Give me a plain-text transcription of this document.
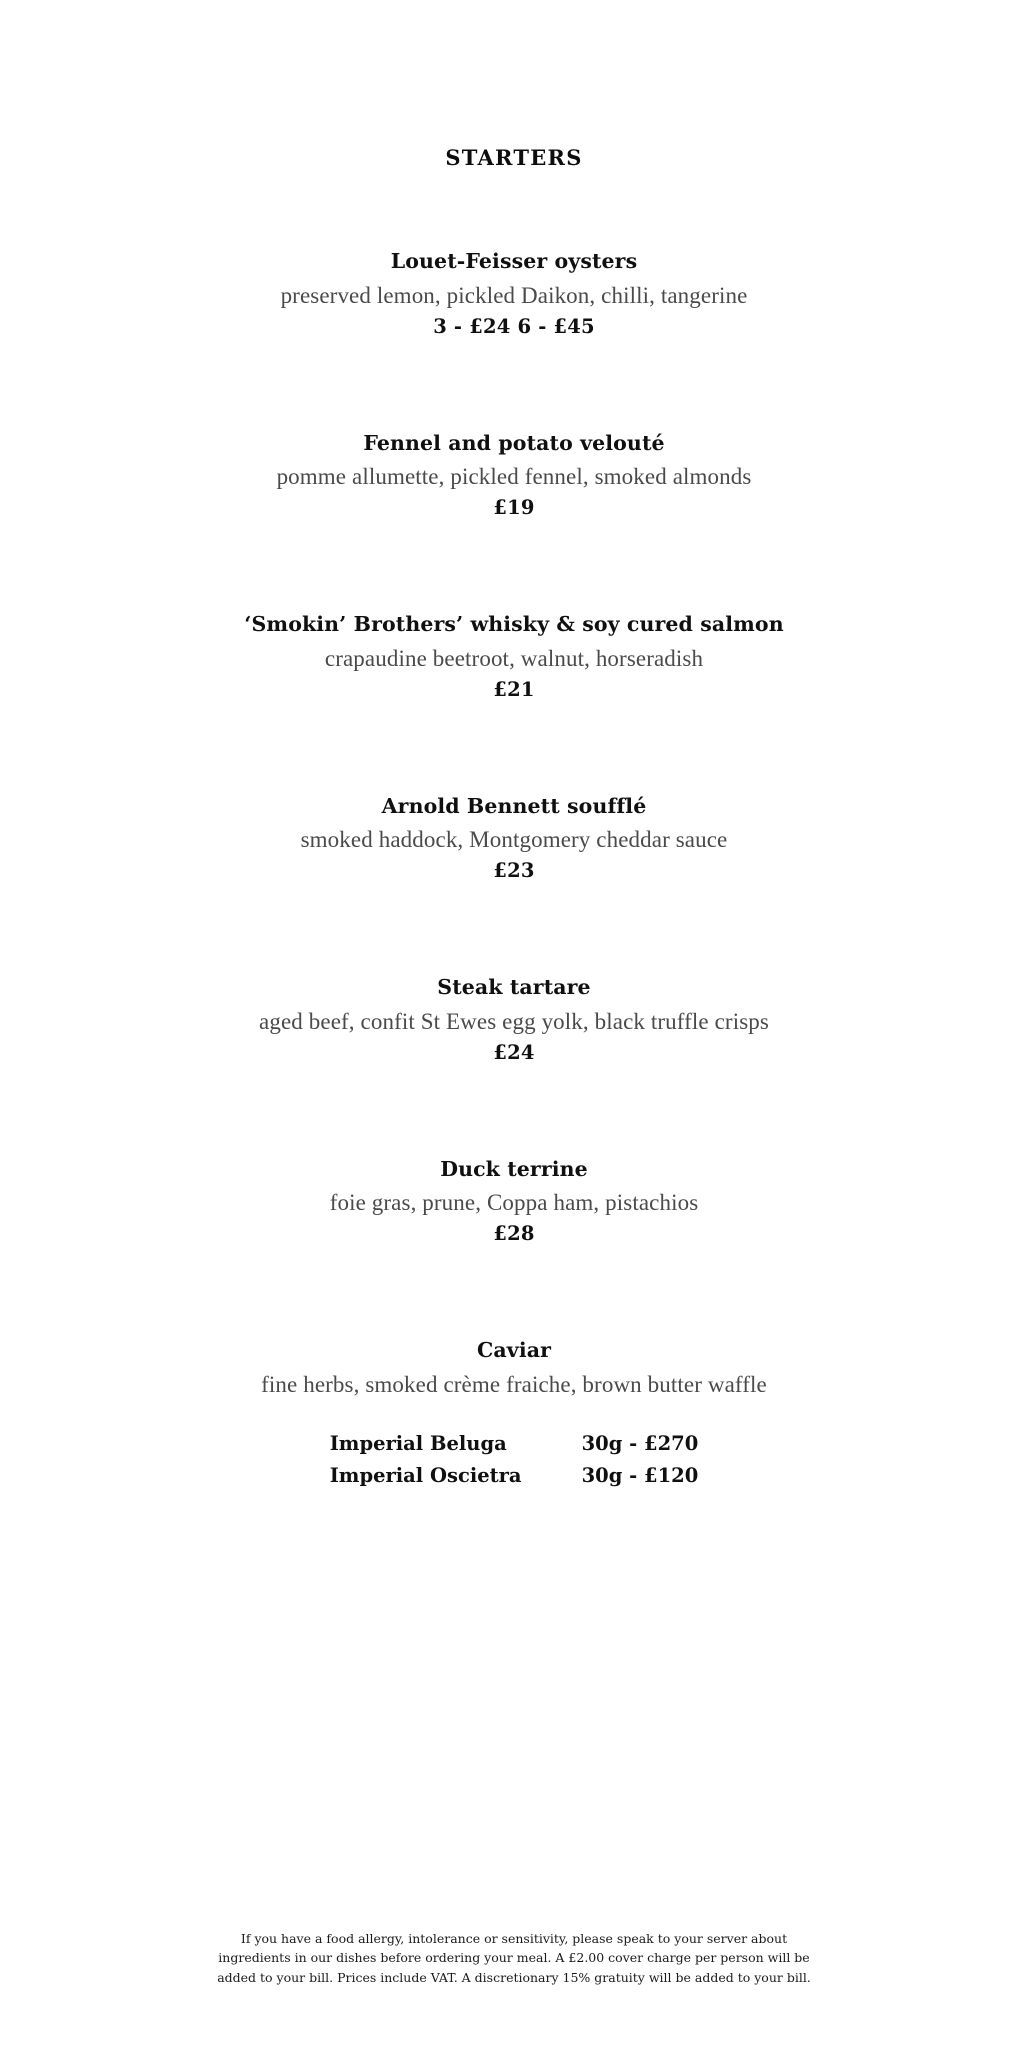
STARTERS
Louet-Feisser oysters
preserved lemon, pickled Daikon, chilli, tangerine
3 - £24 6 - £45
Fennel and potato velouté
pomme allumette, pickled fennel, smoked almonds
£19
‘Smokin’ Brothers’ whisky & soy cured salmon
crapaudine beetroot, walnut, horseradish
£21
Arnold Bennett soufflé
smoked haddock, Montgomery cheddar sauce
£23
Steak tartare
aged beef, confit St Ewes egg yolk, black truffle crisps
£24
Duck terrine
foie gras, prune, Coppa ham, pistachios
£28
Caviar
fine herbs, smoked crème fraiche, brown butter waffle
Imperial Beluga	30g - £270
Imperial Oscietra	30g - £120
If you have a food allergy, intolerance or sensitivity, please speak to your server about
ingredients in our dishes before ordering your meal. A £2.00 cover charge per person will be
added to your bill. Prices include VAT. A discretionary 15% gratuity will be added to your bill.
